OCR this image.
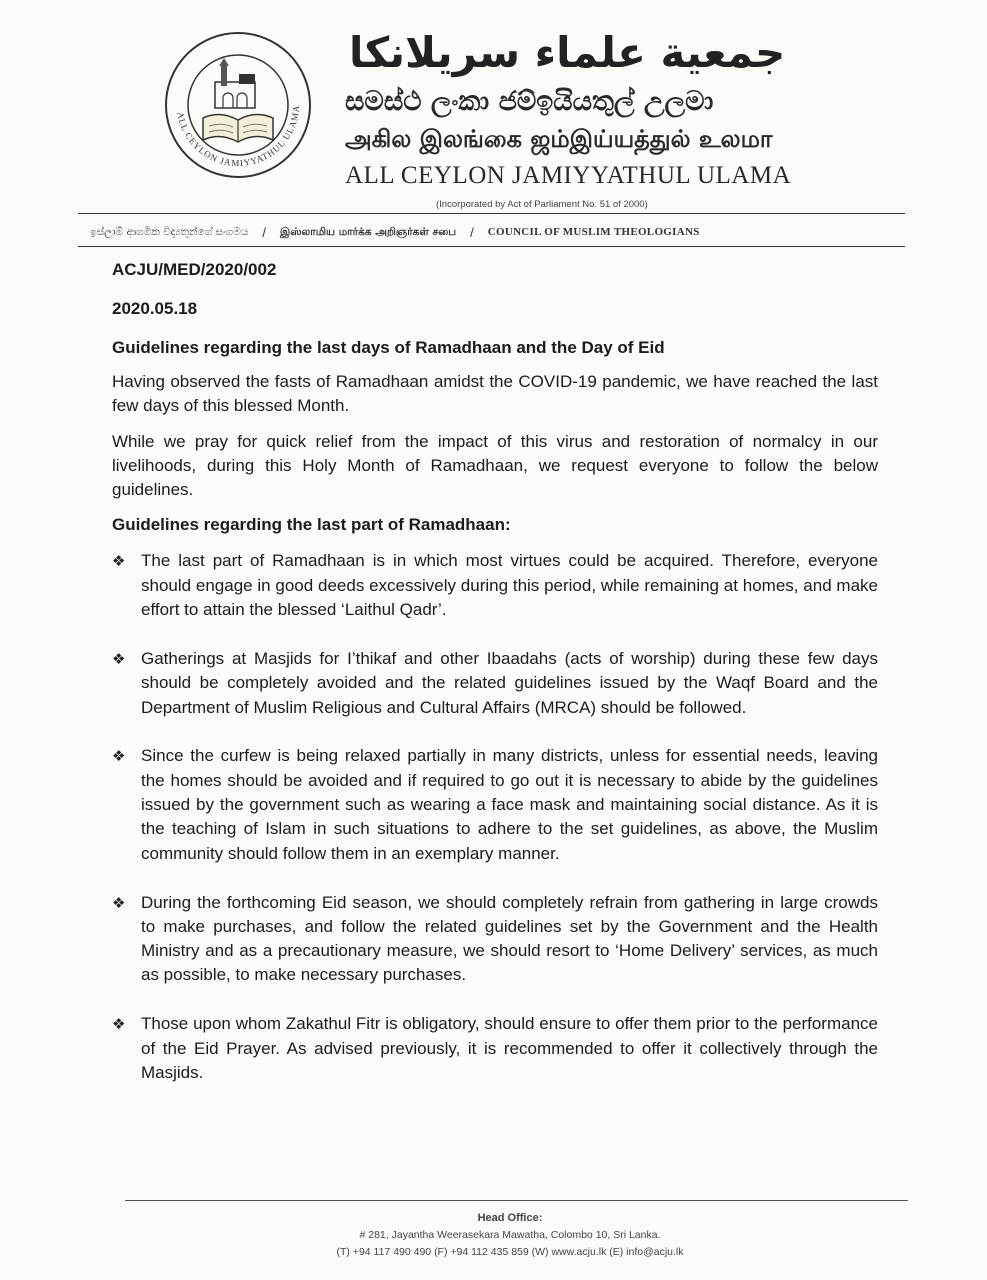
ALL CEYLON JAMIYYATHUL ULAMA
جمعية علماء سريلانكا
සමස්ථ ලංකා ජම්ඉයියතුල් උලමා
அகில இலங்கை ஜம்இய்யத்துல் உலமா
ALL CEYLON JAMIYYATHUL ULAMA
(Incorporated by Act of Parliament No. 51 of 2000)
ඉස්ලාම් ආගමික විද්‍යතුන්ගේ සංගමය / இஸ்லாமிய மார்க்க அறிஞர்கள் சபை / COUNCIL OF MUSLIM THEOLOGIANS
ACJU/MED/2020/002
2020.05.18
Guidelines regarding the last days of Ramadhaan and the Day of Eid

Having observed the fasts of Ramadhaan amidst the COVID-19 pandemic, we have reached the last few days of this blessed Month.

While we pray for quick relief from the impact of this virus and restoration of normalcy in our livelihoods, during this Holy Month of Ramadhaan, we request everyone to follow the below guidelines.

Guidelines regarding the last part of Ramadhaan:
❖ The last part of Ramadhaan is in which most virtues could be acquired. Therefore, everyone should engage in good deeds excessively during this period, while remaining at homes, and make effort to attain the blessed ‘Laithul Qadr’.
❖ Gatherings at Masjids for I’thikaf and other Ibaadahs (acts of worship) during these few days should be completely avoided and the related guidelines issued by the Waqf Board and the Department of Muslim Religious and Cultural Affairs (MRCA) should be followed.
❖ Since the curfew is being relaxed partially in many districts, unless for essential needs, leaving the homes should be avoided and if required to go out it is necessary to abide by the guidelines issued by the government such as wearing a face mask and maintaining social distance. As it is the teaching of Islam in such situations to adhere to the set guidelines, as above, the Muslim community should follow them in an exemplary manner.
❖ During the forthcoming Eid season, we should completely refrain from gathering in large crowds to make purchases, and follow the related guidelines set by the Government and the Health Ministry and as a precautionary measure, we should resort to ‘Home Delivery’ services, as much as possible, to make necessary purchases.
❖ Those upon whom Zakathul Fitr is obligatory, should ensure to offer them prior to the performance of the Eid Prayer. As advised previously, it is recommended to offer it collectively through the Masjids.
Head Office:
# 281, Jayantha Weerasekara Mawatha, Colombo 10, Sri Lanka.
(T) +94 117 490 490 (F) +94 112 435 859 (W) www.acju.lk (E) info@acju.lk
